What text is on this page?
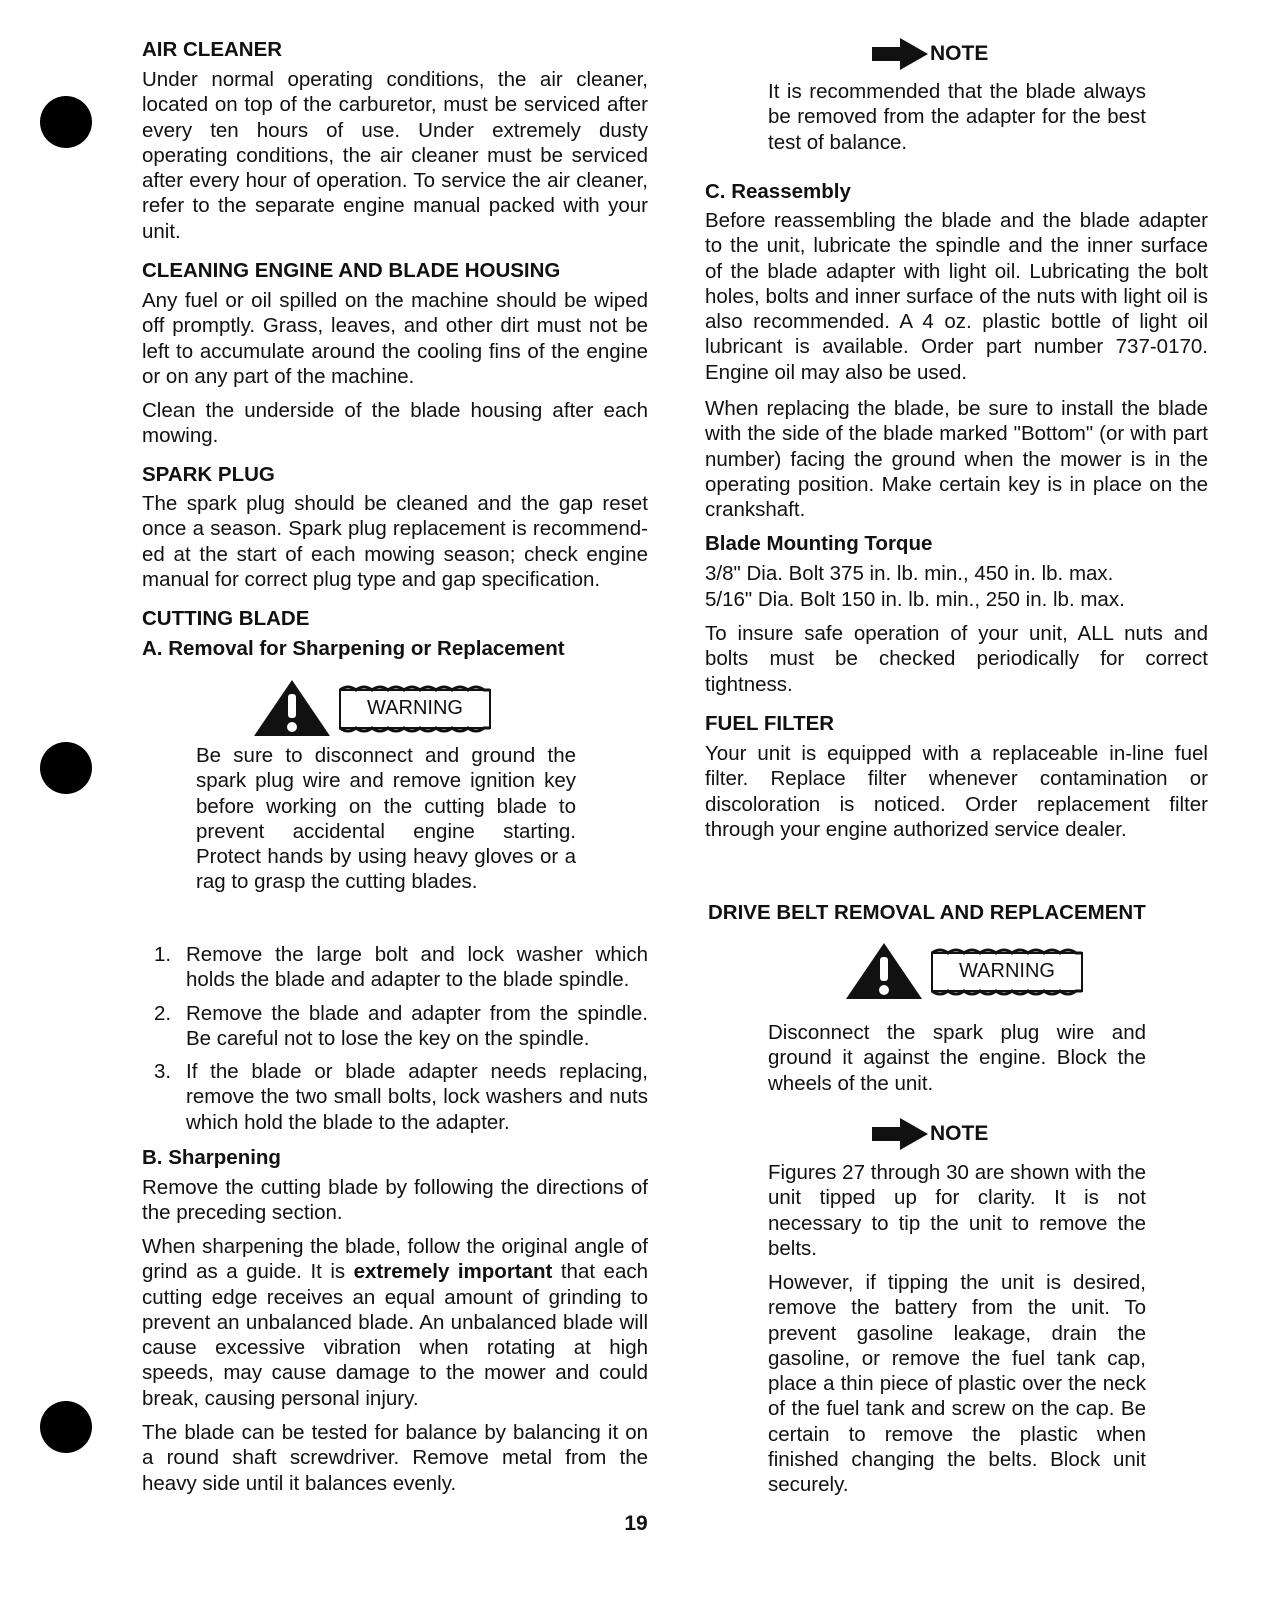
AIR CLEANER

Under normal operating conditions, the air cleaner, located on top of the carburetor, must be serviced after every ten hours of use. Under extremely dusty operating conditions, the air cleaner must be serviced after every hour of operation. To service the air cleaner, refer to the separate engine manual packed with your unit.

CLEANING ENGINE AND BLADE HOUSING

Any fuel or oil spilled on the machine should be wiped off promptly. Grass, leaves, and other dirt must not be left to accumulate around the cooling fins of the engine or on any part of the machine.

Clean the underside of the blade housing after each mowing.

SPARK PLUG

The spark plug should be cleaned and the gap reset once a season. Spark plug replacement is recommend-ed at the start of each mowing season; check engine manual for correct plug type and gap specification.

CUTTING BLADE
A. Removal for Sharpening or Replacement
WARNING

Be sure to disconnect and ground the spark plug wire and remove ignition key before working on the cutting blade to prevent accidental engine starting. Protect hands by using heavy gloves or a rag to grasp the cutting blades.

1. Remove the large bolt and lock washer which holds the blade and adapter to the blade spindle.
2. Remove the blade and adapter from the spindle. Be careful not to lose the key on the spindle.
3. If the blade or blade adapter needs replacing, remove the two small bolts, lock washers and nuts which hold the blade to the adapter.
B. Sharpening

Remove the cutting blade by following the directions of the preceding section.

When sharpening the blade, follow the original angle of grind as a guide. It is extremely important that each cutting edge receives an equal amount of grinding to prevent an unbalanced blade. An unbalanced blade will cause excessive vibration when rotating at high speeds, may cause damage to the mower and could break, causing personal injury.

The blade can be tested for balance by balancing it on a round shaft screwdriver. Remove metal from the heavy side until it balances evenly.

NOTE

It is recommended that the blade always be removed from the adapter for the best test of balance.

C. Reassembly

Before reassembling the blade and the blade adapter to the unit, lubricate the spindle and the inner surface of the blade adapter with light oil. Lubricating the bolt holes, bolts and inner surface of the nuts with light oil is also recommended. A 4 oz. plastic bottle of light oil lubricant is available. Order part number 737-0170. Engine oil may also be used.

When replacing the blade, be sure to install the blade with the side of the blade marked "Bottom" (or with part number) facing the ground when the mower is in the operating position. Make certain key is in place on the crankshaft.

Blade Mounting Torque

3/8" Dia. Bolt 375 in. lb. min., 450 in. lb. max.

5/16" Dia. Bolt 150 in. lb. min., 250 in. lb. max.

To insure safe operation of your unit, ALL nuts and bolts must be checked periodically for correct tightness.

FUEL FILTER

Your unit is equipped with a replaceable in-line fuel filter. Replace filter whenever contamination or discoloration is noticed. Order replacement filter through your engine authorized service dealer.

DRIVE BELT REMOVAL AND REPLACEMENT
WARNING

Disconnect the spark plug wire and ground it against the engine. Block the wheels of the unit.

NOTE

Figures 27 through 30 are shown with the unit tipped up for clarity. It is not necessary to tip the unit to remove the belts.

However, if tipping the unit is desired, remove the battery from the unit. To prevent gasoline leakage, drain the gasoline, or remove the fuel tank cap, place a thin piece of plastic over the neck of the fuel tank and screw on the cap. Be certain to remove the plastic when finished changing the belts. Block unit securely.

19
